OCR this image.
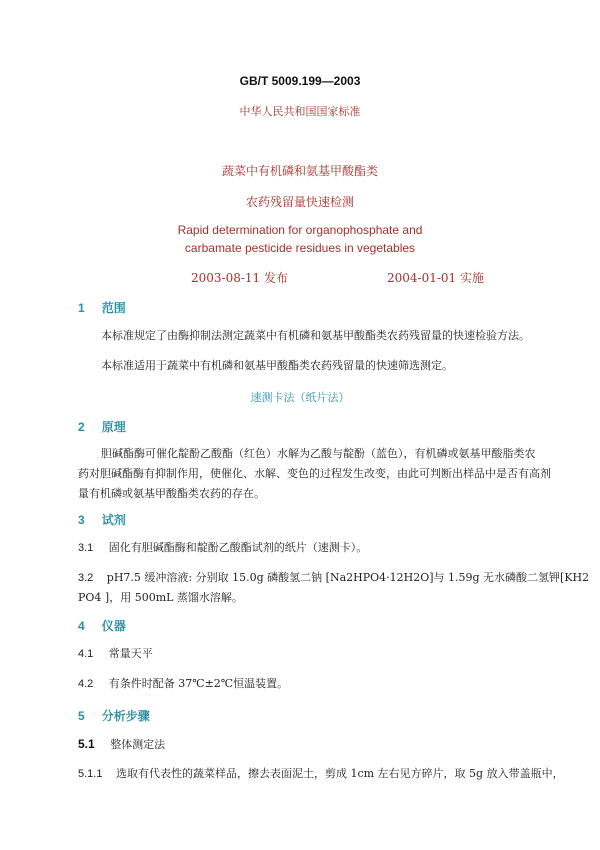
GB/T 5009.199—2003
中华人民共和国国家标准
蔬菜中有机磷和氨基甲酸酯类
农药残留量快速检测
Rapid determination for organophosphate and
carbamate pesticide residues in vegetables
2003-08-11 发布	2004-01-01 实施
1 范围
本标准规定了由酶抑制法测定蔬菜中有机磷和氨基甲酸酯类农药残留量的快速检验方法。
本标准适用于蔬菜中有机磷和氨基甲酸酯类农药残留量的快速筛选测定。
速测卡法（纸片法）
2 原理
胆碱酯酶可催化靛酚乙酸酯（红色）水解为乙酸与靛酚（蓝色），有机磷或氨基甲酸脂类农
药对胆碱酯酶有抑制作用，使催化、水解、变色的过程发生改变，由此可判断出样品中是否有高剂
量有机磷或氨基甲酸酯类农药的存在。
3 试剂
3.1 固化有胆碱酯酶和靛酚乙酸酯试剂的纸片（速测卡）。
3.2 pH7.5 缓冲溶液: 分别取 15.0g 磷酸氢二钠 [Na2HPO4·12H2O]与 1.59g 无水磷酸二氢钾[KH2
PO4 ]，用 500mL 蒸馏水溶解。
4 仪器
4.1 常量天平
4.2 有条件时配备 37℃±2℃恒温装置。
5 分析步骤
5.1 整体测定法
5.1.1 选取有代表性的蔬菜样品，擦去表面泥土，剪成 1cm 左右见方碎片，取 5g 放入带盖瓶中，
